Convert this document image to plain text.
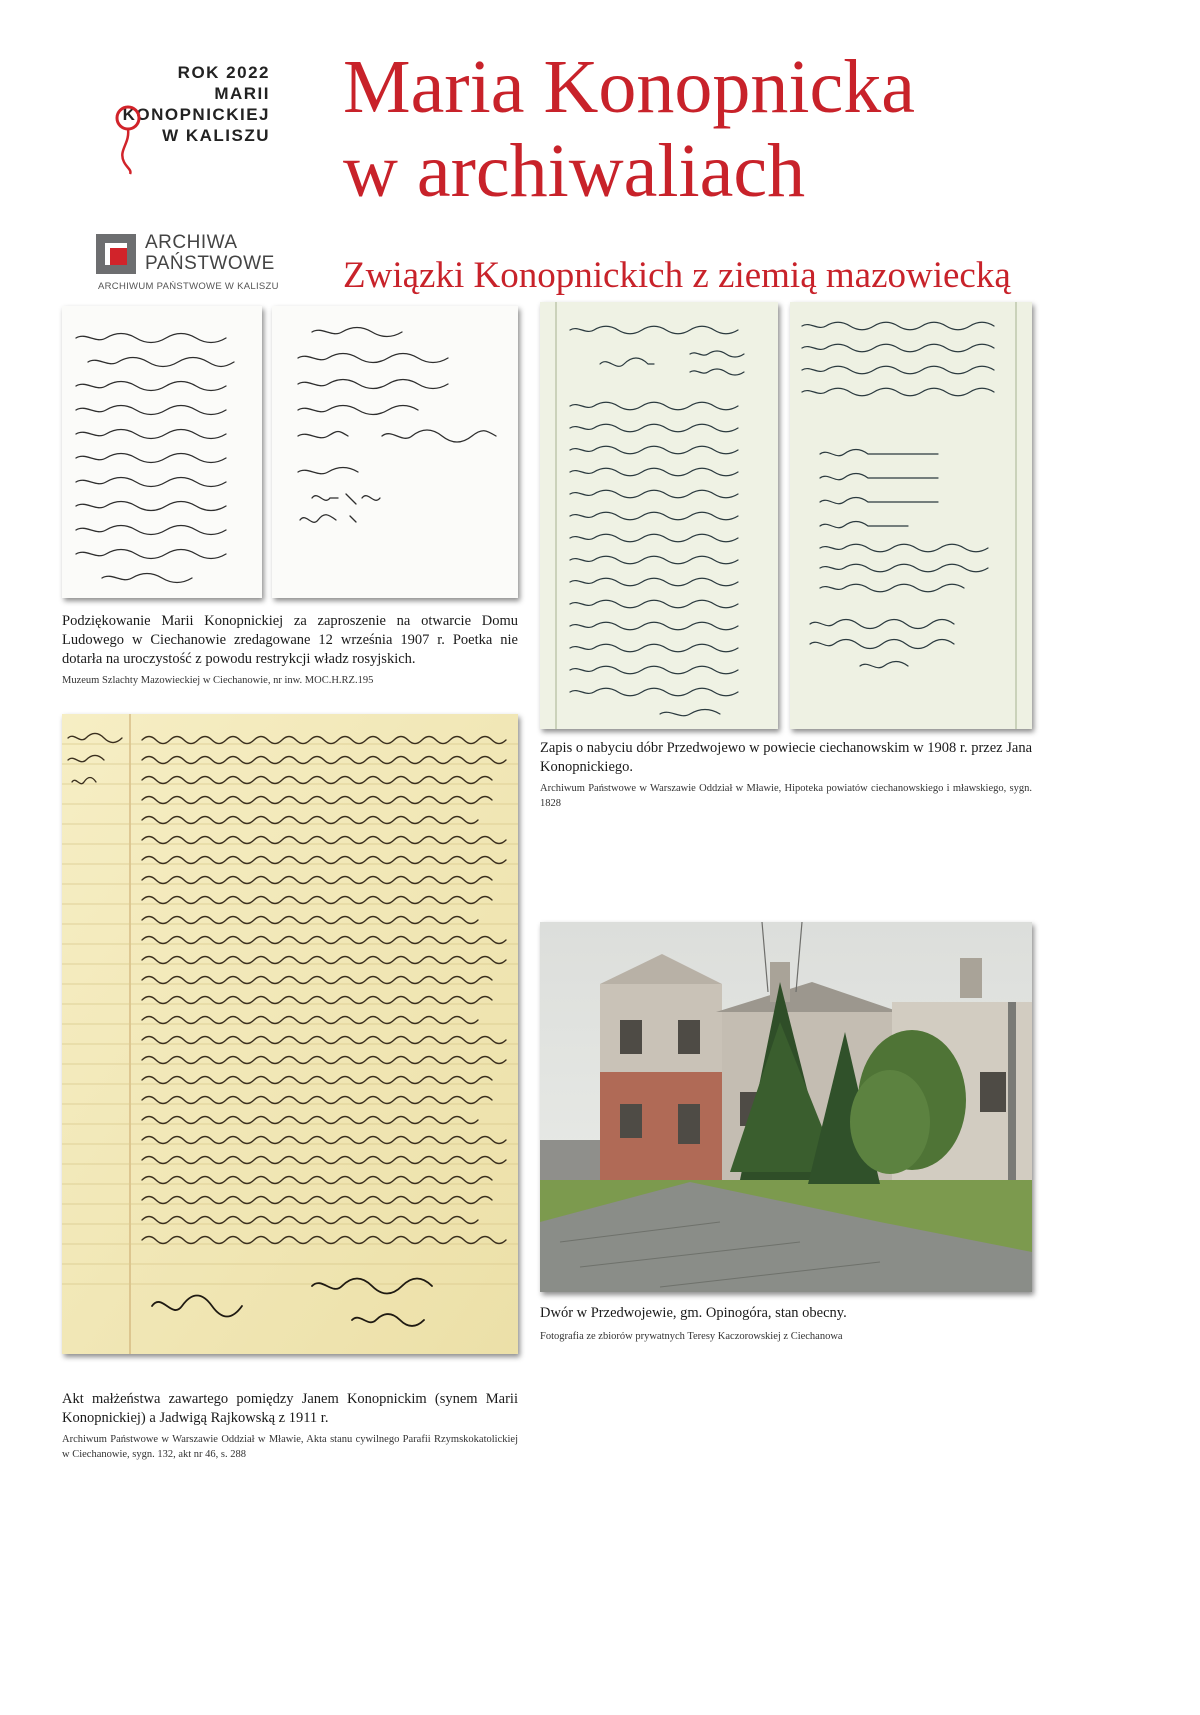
ROK 2022
MARII
KONOPNICKIEJ
W KALISZU
ARCHIWA
PAŃSTWOWE
ARCHIWUM PAŃSTWOWE W KALISZU
Maria Konopnicka
w archiwaliach
Związki Konopnickich z ziemią mazowiecką
Podziękowanie Marii Konopnickiej za zaproszenie na otwarcie Domu Ludowego w Ciechanowie zredagowane 12 września 1907 r. Poetka nie dotarła na uroczystość z powodu restrykcji władz rosyjskich.
Muzeum Szlachty Mazowieckiej w Ciechanowie, nr inw. MOC.H.RZ.195
Zapis o nabyciu dóbr Przedwojewo w powiecie ciechanowskim w 1908 r. przez Jana Konopnickiego.
Archiwum Państwowe w Warszawie Oddział w Mławie, Hipoteka powiatów ciechanowskiego i mławskiego, sygn. 1828
Akt małżeństwa zawartego pomiędzy Janem Konopnickim (synem Marii Konopnickiej) a Jadwigą Rajkowską z 1911 r.
Archiwum Państwowe w Warszawie Oddział w Mławie, Akta stanu cywilnego Parafii Rzymskokatolickiej w Ciechanowie, sygn. 132, akt nr 46, s. 288
Dwór w Przedwojewie, gm. Opinogóra, stan obecny.
Fotografia ze zbiorów prywatnych Teresy Kaczorowskiej z Ciechanowa
